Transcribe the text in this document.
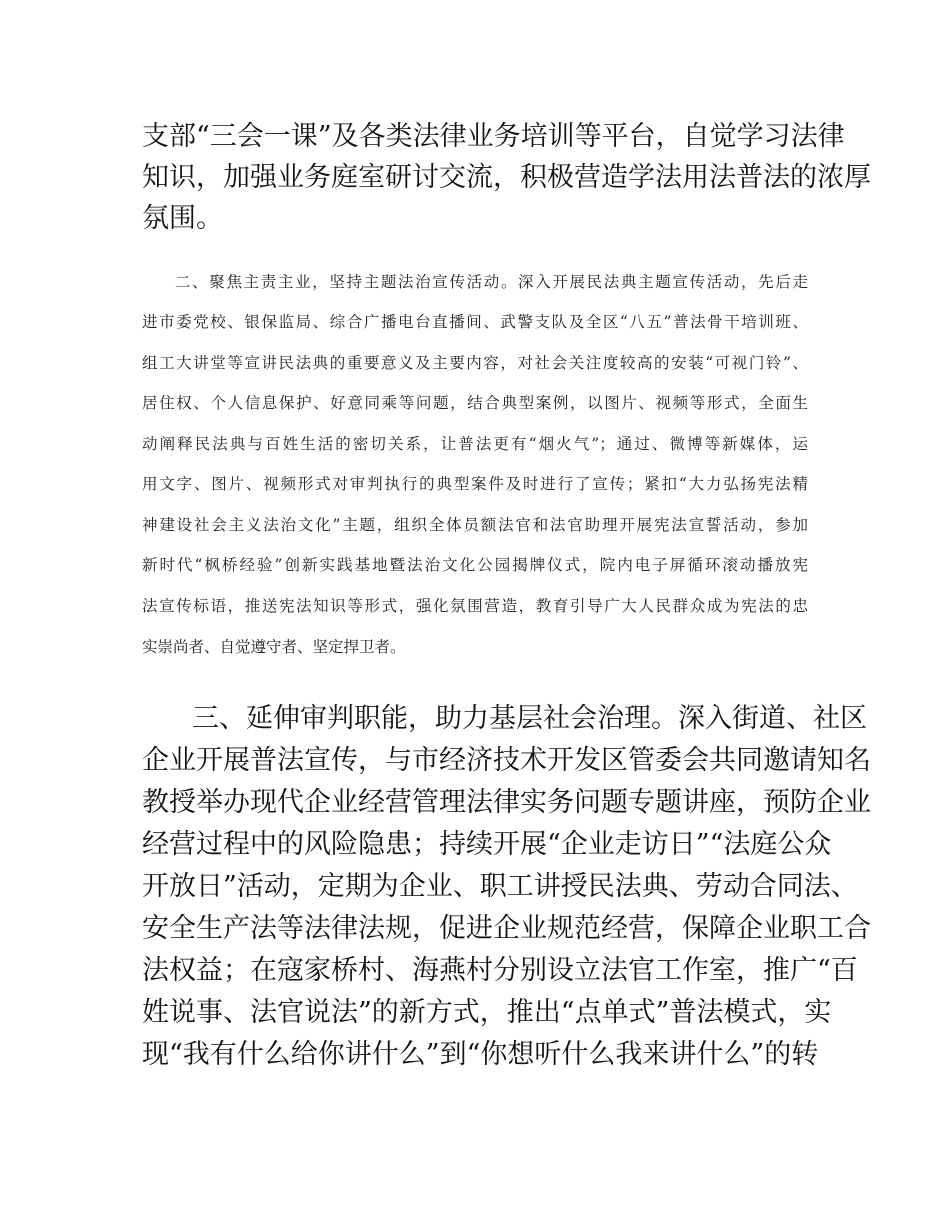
支部“三会一课”及各类法律业务培训等平台，自觉学习法律
知识，加强业务庭室研讨交流，积极营造学法用法普法的浓厚
氛围。
二、聚焦主责主业，坚持主题法治宣传活动。深入开展民法典主题宣传活动，先后走
进市委党校、银保监局、综合广播电台直播间、武警支队及全区“八五”普法骨干培训班、
组工大讲堂等宣讲民法典的重要意义及主要内容，对社会关注度较高的安装“可视门铃”、
居住权、个人信息保护、好意同乘等问题，结合典型案例，以图片、视频等形式，全面生
动阐释民法典与百姓生活的密切关系，让普法更有“烟火气”；通过、微博等新媒体，运
用文字、图片、视频形式对审判执行的典型案件及时进行了宣传；紧扣“大力弘扬宪法精
神建设社会主义法治文化”主题，组织全体员额法官和法官助理开展宪法宣誓活动，参加
新时代“枫桥经验”创新实践基地暨法治文化公园揭牌仪式，院内电子屏循环滚动播放宪
法宣传标语，推送宪法知识等形式，强化氛围营造，教育引导广大人民群众成为宪法的忠
实崇尚者、自觉遵守者、坚定捍卫者。
三、延伸审判职能，助力基层社会治理。深入街道、社区
企业开展普法宣传，与市经济技术开发区管委会共同邀请知名
教授举办现代企业经营管理法律实务问题专题讲座，预防企业
经营过程中的风险隐患；持续开展“企业走访日”“法庭公众
开放日”活动，定期为企业、职工讲授民法典、劳动合同法、
安全生产法等法律法规，促进企业规范经营，保障企业职工合
法权益；在寇家桥村、海燕村分别设立法官工作室，推广“百
姓说事、法官说法”的新方式，推出“点单式”普法模式，实
现“我有什么给你讲什么”到“你想听什么我来讲什么”的转
